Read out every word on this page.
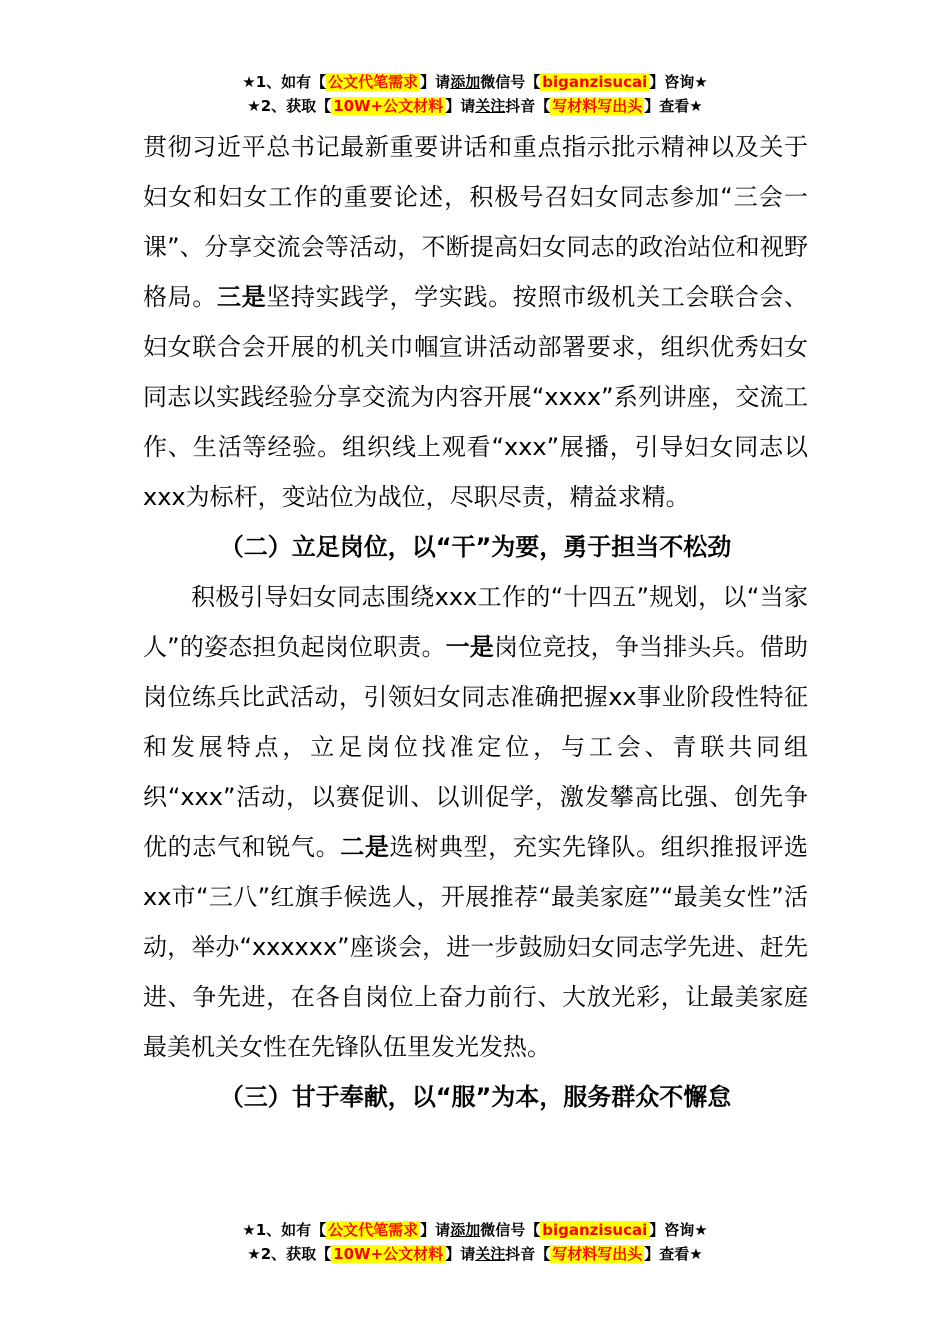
★1、如有【 公文代笔需求 】请添加微信号【 biganzisucai 】咨询★
★2、获取【 10W+公文材料 】请关注抖音【 写材料写出头 】查看★

贯彻习近平总书记最新重要讲话和重点指示批示精神以及关于妇女和妇女工作的重要论述，积极号召妇女同志参加“三会一课”、分享交流会等活动，不断提高妇女同志的政治站位和视野格局。三是坚持实践学，学实践。按照市级机关工会联合会、妇女联合会开展的机关巾帼宣讲活动部署要求，组织优秀妇女同志以实践经验分享交流为内容开展“xxxx”系列讲座，交流工作、生活等经验。组织线上观看“xxx”展播，引导妇女同志以xxx为标杆，变站位为战位，尽职尽责，精益求精。

（二）立足岗位，以“干”为要，勇于担当不松劲

积极引导妇女同志围绕xxx工作的“十四五”规划，以“当家人”的姿态担负起岗位职责。一是岗位竞技，争当排头兵。借助岗位练兵比武活动，引领妇女同志准确把握xx事业阶段性特征和发展特点，立足岗位找准定位，与工会、青联共同组织“xxx”活动，以赛促训、以训促学，激发攀高比强、创先争优的志气和锐气。二是选树典型，充实先锋队。组织推报评选xx市“三八”红旗手候选人，开展推荐“最美家庭”“最美女性”活动，举办“xxxxxx”座谈会，进一步鼓励妇女同志学先进、赶先进、争先进，在各自岗位上奋力前行、大放光彩，让最美家庭最美机关女性在先锋队伍里发光发热。

（三）甘于奉献，以“服”为本，服务群众不懈怠
★1、如有【 公文代笔需求 】请添加微信号【 biganzisucai 】咨询★
★2、获取【 10W+公文材料 】请关注抖音【 写材料写出头 】查看★
